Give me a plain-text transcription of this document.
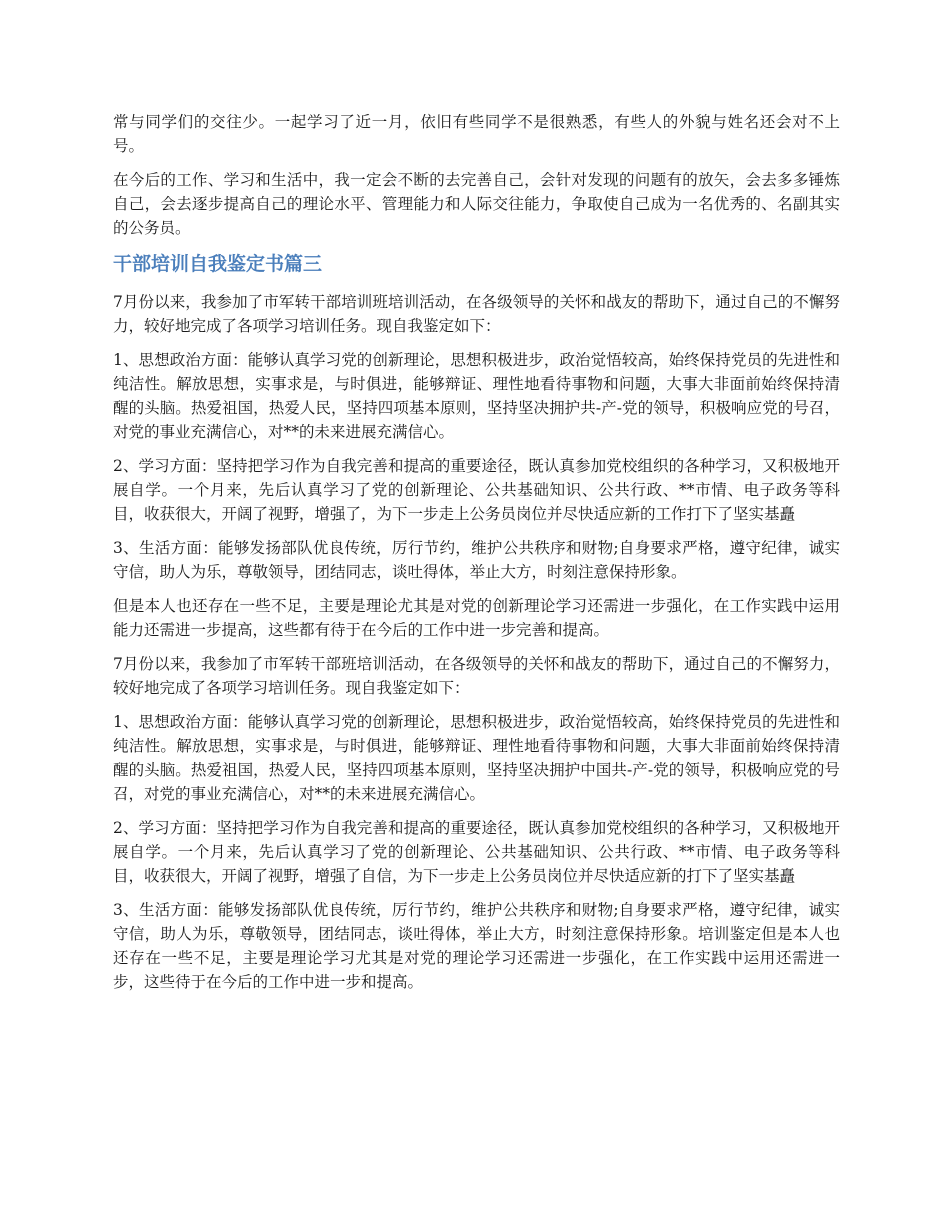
常与同学们的交往少。一起学习了近一月，依旧有些同学不是很熟悉，有些人的外貌与姓名还会对不上号。

在今后的工作、学习和生活中，我一定会不断的去完善自己，会针对发现的问题有的放矢，会去多多锤炼自己，会去逐步提高自己的理论水平、管理能力和人际交往能力，争取使自己成为一名优秀的、名副其实的公务员。

干部培训自我鉴定书篇三

7月份以来，我参加了市军转干部培训班培训活动，在各级领导的关怀和战友的帮助下，通过自己的不懈努力，较好地完成了各项学习培训任务。现自我鉴定如下：

1、思想政治方面：能够认真学习党的创新理论，思想积极进步，政治觉悟较高，始终保持党员的先进性和纯洁性。解放思想，实事求是，与时俱进，能够辩证、理性地看待事物和问题，大事大非面前始终保持清醒的头脑。热爱祖国，热爱人民，坚持四项基本原则，坚持坚决拥护共-产-党的领导，积极响应党的号召，对党的事业充满信心，对**的未来进展充满信心。

2、学习方面：坚持把学习作为自我完善和提高的重要途径，既认真参加党校组织的各种学习，又积极地开展自学。一个月来，先后认真学习了党的创新理论、公共基础知识、公共行政、**市情、电子政务等科目，收获很大，开阔了视野，增强了，为下一步走上公务员岗位并尽快适应新的工作打下了坚实基矗

3、生活方面：能够发扬部队优良传统，厉行节约，维护公共秩序和财物;自身要求严格，遵守纪律，诚实守信，助人为乐，尊敬领导，团结同志，谈吐得体，举止大方，时刻注意保持形象。

但是本人也还存在一些不足，主要是理论尤其是对党的创新理论学习还需进一步强化，在工作实践中运用能力还需进一步提高，这些都有待于在今后的工作中进一步完善和提高。

7月份以来，我参加了市军转干部班培训活动，在各级领导的关怀和战友的帮助下，通过自己的不懈努力，较好地完成了各项学习培训任务。现自我鉴定如下：

1、思想政治方面：能够认真学习党的创新理论，思想积极进步，政治觉悟较高，始终保持党员的先进性和纯洁性。解放思想，实事求是，与时俱进，能够辩证、理性地看待事物和问题，大事大非面前始终保持清醒的头脑。热爱祖国，热爱人民，坚持四项基本原则，坚持坚决拥护中国共-产-党的领导，积极响应党的号召，对党的事业充满信心，对**的未来进展充满信心。

2、学习方面：坚持把学习作为自我完善和提高的重要途径，既认真参加党校组织的各种学习，又积极地开展自学。一个月来，先后认真学习了党的创新理论、公共基础知识、公共行政、**市情、电子政务等科目，收获很大，开阔了视野，增强了自信，为下一步走上公务员岗位并尽快适应新的打下了坚实基矗

3、生活方面：能够发扬部队优良传统，厉行节约，维护公共秩序和财物;自身要求严格，遵守纪律，诚实守信，助人为乐，尊敬领导，团结同志，谈吐得体，举止大方，时刻注意保持形象。培训鉴定但是本人也还存在一些不足，主要是理论学习尤其是对党的理论学习还需进一步强化，在工作实践中运用还需进一步，这些待于在今后的工作中进一步和提高。
